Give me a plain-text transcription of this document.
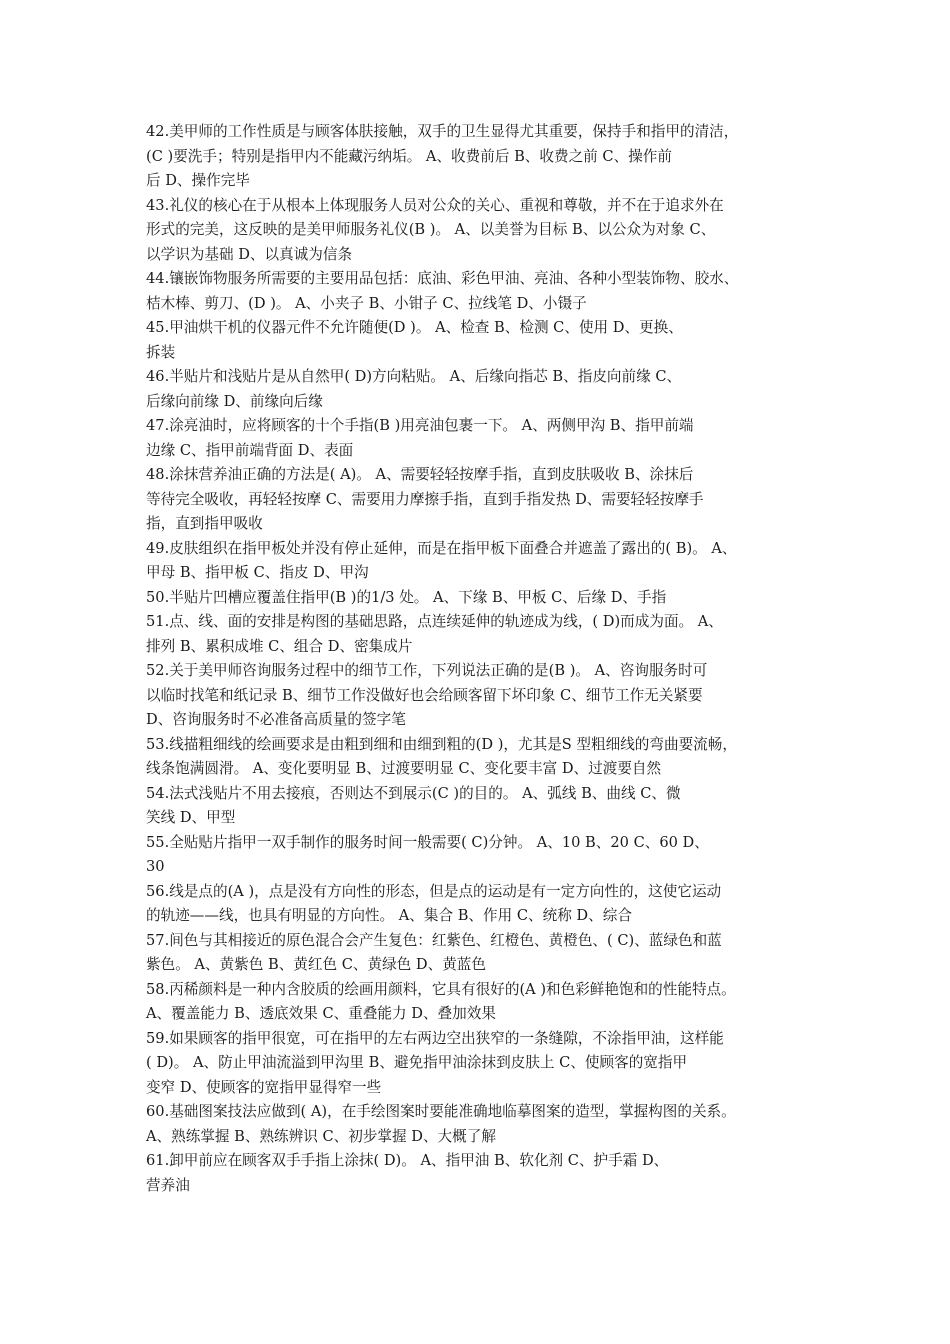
42.美甲师的工作性质是与顾客体肤接触，双手的卫生显得尤其重要，保持手和指甲的清洁，
(C )要洗手；特别是指甲内不能藏污纳垢。 A、收费前后 B、收费之前 C、操作前
后 D、操作完毕
43.礼仪的核心在于从根本上体现服务人员对公众的关心、重视和尊敬，并不在于追求外在
形式的完美，这反映的是美甲师服务礼仪(B )。 A、以美誉为目标 B、以公众为对象 C、
以学识为基础 D、以真诚为信条
44.镶嵌饰物服务所需要的主要用品包括：底油、彩色甲油、亮油、各种小型装饰物、胶水、
桔木棒、剪刀、(D )。 A、小夹子 B、小钳子 C、拉线笔 D、小镊子
45.甲油烘干机的仪器元件不允许随便(D )。 A、检查 B、检测 C、使用 D、更换、
拆装
46.半贴片和浅贴片是从自然甲( D)方向粘贴。 A、后缘向指芯 B、指皮向前缘 C、
后缘向前缘 D、前缘向后缘
47.涂亮油时，应将顾客的十个手指(B )用亮油包裹一下。 A、两侧甲沟 B、指甲前端
边缘 C、指甲前端背面 D、表面
48.涂抹营养油正确的方法是( A)。 A、需要轻轻按摩手指，直到皮肤吸收 B、涂抹后
等待完全吸收，再轻轻按摩 C、需要用力摩擦手指，直到手指发热 D、需要轻轻按摩手
指，直到指甲吸收
49.皮肤组织在指甲板处并没有停止延伸，而是在指甲板下面叠合并遮盖了露出的( B)。 A、
甲母 B、指甲板 C、指皮 D、甲沟
50.半贴片凹槽应覆盖住指甲(B )的1/3 处。 A、下缘 B、甲板 C、后缘 D、手指
51.点、线、面的安排是构图的基础思路，点连续延伸的轨迹成为线，( D)而成为面。 A、
排列 B、累积成堆 C、组合 D、密集成片
52.关于美甲师咨询服务过程中的细节工作，下列说法正确的是(B )。 A、咨询服务时可
以临时找笔和纸记录 B、细节工作没做好也会给顾客留下坏印象 C、细节工作无关紧要
D、咨询服务时不必准备高质量的签字笔
53.线描粗细线的绘画要求是由粗到细和由细到粗的(D )，尤其是S 型粗细线的弯曲要流畅，
线条饱满圆滑。 A、变化要明显 B、过渡要明显 C、变化要丰富 D、过渡要自然
54.法式浅贴片不用去接痕，否则达不到展示(C )的目的。 A、弧线 B、曲线 C、微
笑线 D、甲型
55.全贴贴片指甲一双手制作的服务时间一般需要( C)分钟。 A、10 B、20 C、60 D、
30
56.线是点的(A )，点是没有方向性的形态，但是点的运动是有一定方向性的，这使它运动
的轨迹——线，也具有明显的方向性。 A、集合 B、作用 C、统称 D、综合
57.间色与其相接近的原色混合会产生复色：红紫色、红橙色、黄橙色、( C)、蓝绿色和蓝
紫色。 A、黄紫色 B、黄红色 C、黄绿色 D、黄蓝色
58.丙稀颜料是一种内含胶质的绘画用颜料，它具有很好的(A )和色彩鲜艳饱和的性能特点。
A、覆盖能力 B、透底效果 C、重叠能力 D、叠加效果
59.如果顾客的指甲很宽，可在指甲的左右两边空出狭窄的一条缝隙，不涂指甲油，这样能
( D)。 A、防止甲油流溢到甲沟里 B、避免指甲油涂抹到皮肤上 C、使顾客的宽指甲
变窄 D、使顾客的宽指甲显得窄一些
60.基础图案技法应做到( A)，在手绘图案时要能准确地临摹图案的造型，掌握构图的关系。
A、熟练掌握 B、熟练辨识 C、初步掌握 D、大概了解
61.卸甲前应在顾客双手手指上涂抹( D)。 A、指甲油 B、软化剂 C、护手霜 D、
营养油
